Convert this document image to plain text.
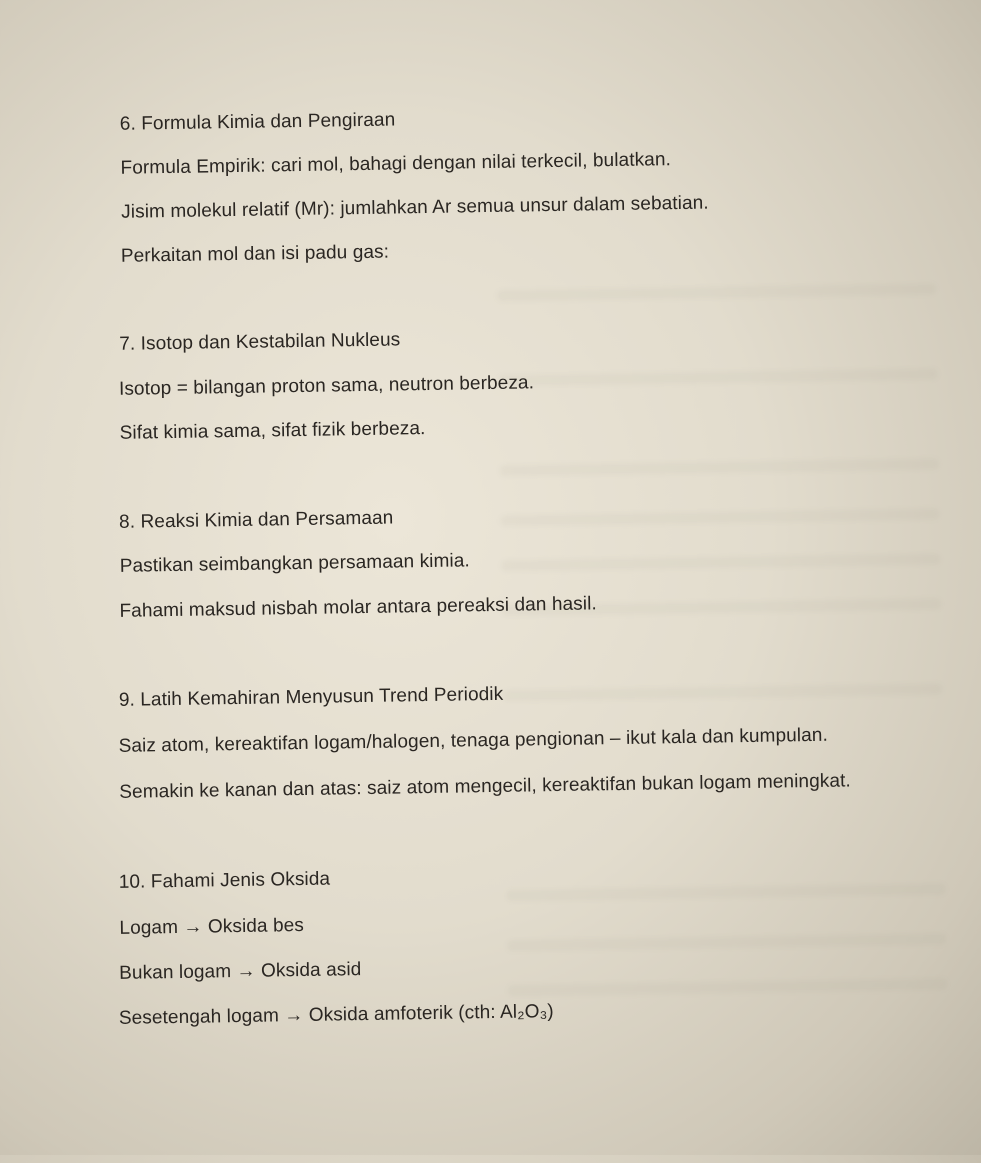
6. Formula Kimia dan Pengiraan
Formula Empirik: cari mol, bahagi dengan nilai terkecil, bulatkan.
Jisim molekul relatif (Mr): jumlahkan Ar semua unsur dalam sebatian.
Perkaitan mol dan isi padu gas:
7. Isotop dan Kestabilan Nukleus
Isotop = bilangan proton sama, neutron berbeza.
Sifat kimia sama, sifat fizik berbeza.
8. Reaksi Kimia dan Persamaan
Pastikan seimbangkan persamaan kimia.
Fahami maksud nisbah molar antara pereaksi dan hasil.
9. Latih Kemahiran Menyusun Trend Periodik
Saiz atom, kereaktifan logam/halogen, tenaga pengionan – ikut kala dan kumpulan.
Semakin ke kanan dan atas: saiz atom mengecil, kereaktifan bukan logam meningkat.
10. Fahami Jenis Oksida
Logam → Oksida bes
Bukan logam → Oksida asid
Sesetengah logam → Oksida amfoterik (cth: Al₂O₃)
